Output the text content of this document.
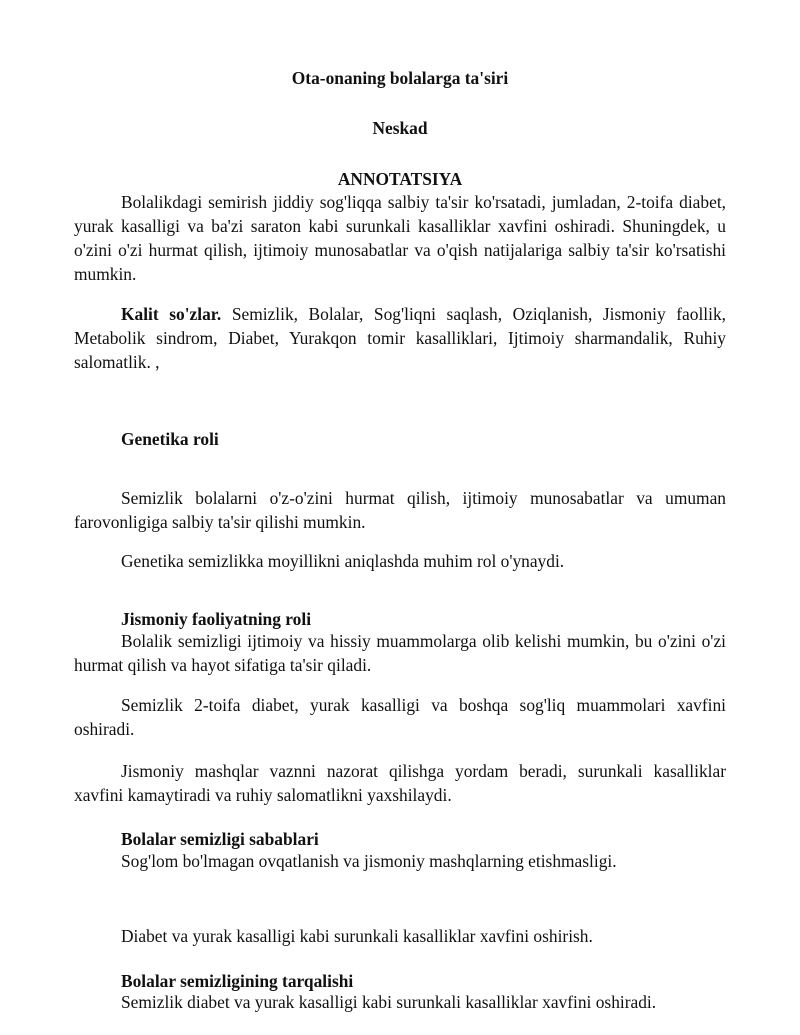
Ota-onaning bolalarga ta'siri
Neskad
ANNOTATSIYA

Bolalikdagi semirish jiddiy sog'liqqa salbiy ta'sir ko'rsatadi, jumladan, 2-toifa diabet, yurak kasalligi va ba'zi saraton kabi surunkali kasalliklar xavfini oshiradi. Shuningdek, u o'zini o'zi hurmat qilish, ijtimoiy munosabatlar va o'qish natijalariga salbiy ta'sir ko'rsatishi mumkin.

Kalit so'zlar. Semizlik, Bolalar, Sog'liqni saqlash, Oziqlanish, Jismoniy faollik, Metabolik sindrom, Diabet, Yurakqon tomir kasalliklari, Ijtimoiy sharmandalik, Ruhiy salomatlik. ,

Genetika roli

Semizlik bolalarni o'z-o'zini hurmat qilish, ijtimoiy munosabatlar va umuman farovonligiga salbiy ta'sir qilishi mumkin.

Genetika semizlikka moyillikni aniqlashda muhim rol o'ynaydi.

Jismoniy faoliyatning roli

Bolalik semizligi ijtimoiy va hissiy muammolarga olib kelishi mumkin, bu o'zini o'zi hurmat qilish va hayot sifatiga ta'sir qiladi.

Semizlik 2-toifa diabet, yurak kasalligi va boshqa sog'liq muammolari xavfini oshiradi.

Jismoniy mashqlar vaznni nazorat qilishga yordam beradi, surunkali kasalliklar xavfini kamaytiradi va ruhiy salomatlikni yaxshilaydi.

Bolalar semizligi sabablari

Sog'lom bo'lmagan ovqatlanish va jismoniy mashqlarning etishmasligi.

Diabet va yurak kasalligi kabi surunkali kasalliklar xavfini oshirish.

Bolalar semizligining tarqalishi

Semizlik diabet va yurak kasalligi kabi surunkali kasalliklar xavfini oshiradi.
